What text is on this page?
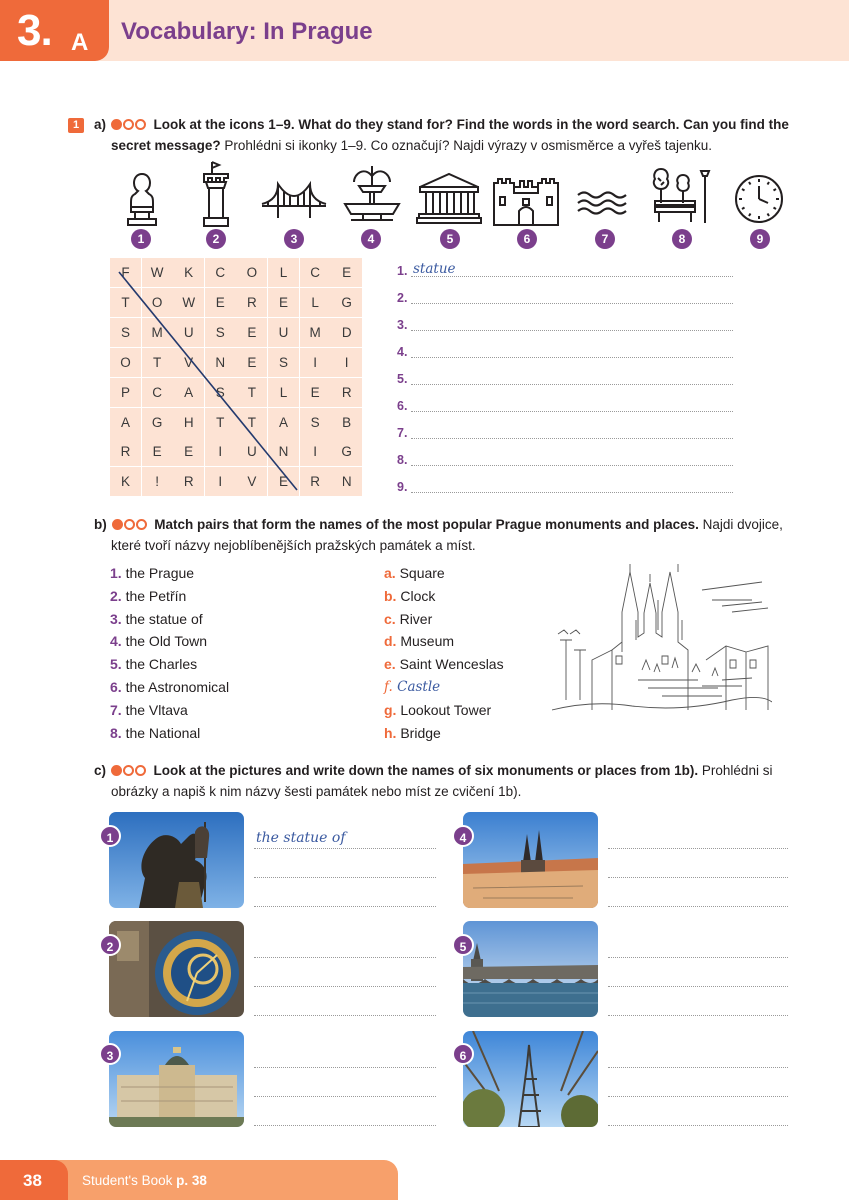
3. A Vocabulary: In Prague
1	a)	Look at the icons 1–9. What do they stand for? Find the words in the word search. Can you find the
secret message? Prohlédni si ikonky 1–9. Co označují? Najdi výrazy v osmisměrce a vyřeš tajenku.
1	2	3	4	5	6	7	8	9
F	W	K	C	O	L	C	E
T	O	W	E	R	E	L	G
S	M	U	S	E	U	M	D
O	T	V	N	E	S	I	I
P	C	A	S	T	L	E	R
A	G	H	T	T	A	S	B
R	E	E	I	U	N	I	G
K	!	R	I	V	E	R	N
1. statue
2.
3.
4.
5.
6.
7.
8.
9.
b)	Match pairs that form the names of the most popular Prague monuments and places. Najdi dvojice,
které tvoří názvy nejoblíbenějších pražských památek a míst.
1. the Prague
2. the Petřín
3. the statue of
4. the Old Town
5. the Charles
6. the Astronomical
7. the Vltava
8. the National
a. Square
b. Clock
c. River
d. Museum
e. Saint Wenceslas
f. Castle
g. Lookout Tower
h. Bridge
c)	Look at the pictures and write down the names of six monuments or places from 1b). Prohlédni si
obrázky a napiš k nim názvy šesti památek nebo míst ze cvičení 1b).
1
2
3
4
5
6
the statue of
38	Student's Book p. 38
